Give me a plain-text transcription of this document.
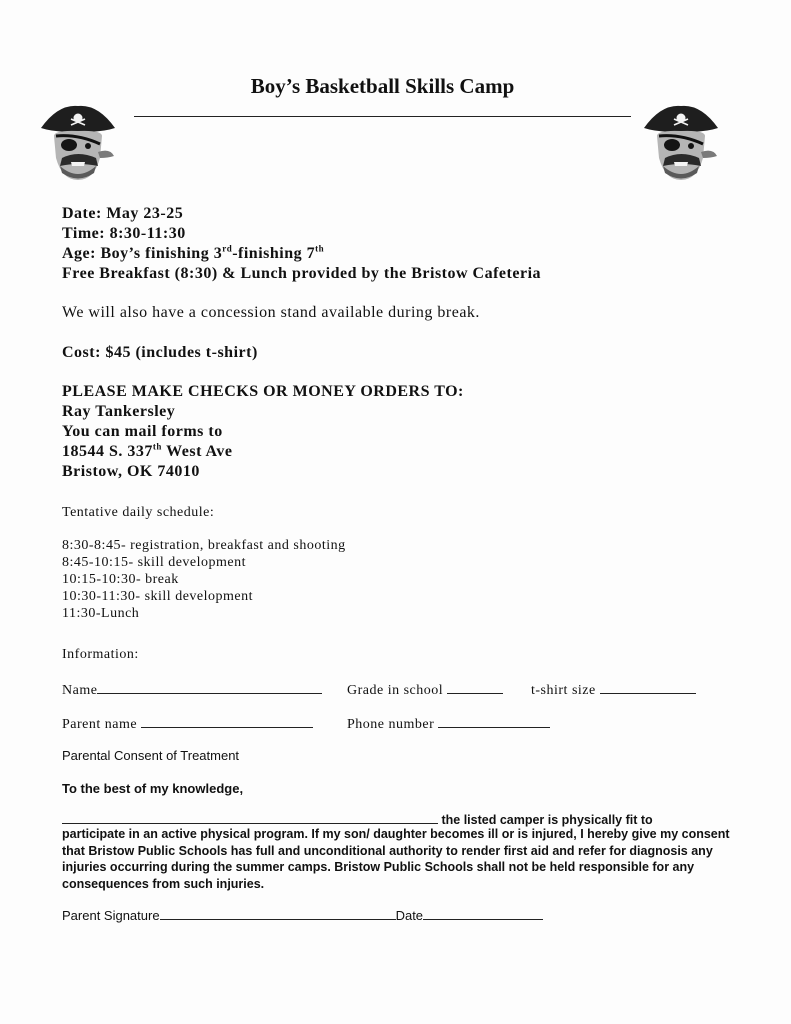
Boy’s Basketball Skills Camp
Date: May 23-25
Time: 8:30-11:30
Age: Boy’s finishing 3rd-finishing 7th
Free Breakfast (8:30) & Lunch provided by the Bristow Cafeteria
We will also have a concession stand available during break.
Cost: $45 (includes t-shirt)
PLEASE MAKE CHECKS OR MONEY ORDERS TO:
Ray Tankersley
You can mail forms to
18544 S. 337th West Ave
Bristow, OK 74010
Tentative daily schedule:
8:30-8:45- registration, breakfast and shooting
8:45-10:15- skill development
10:15-10:30- break
10:30-11:30- skill development
11:30-Lunch
Information:
Name	Grade in school	t-shirt size
Parent name	Phone number
Parental Consent of Treatment
To the best of my knowledge,
the listed camper is physically fit to
participate in an active physical program. If my son/ daughter becomes ill or is injured, I hereby give my consent that Bristow Public Schools has full and unconditional authority to render first aid and refer for diagnosis any injuries occurring during the summer camps. Bristow Public Schools shall not be held responsible for any consequences from such injuries.
Parent Signature	Date
